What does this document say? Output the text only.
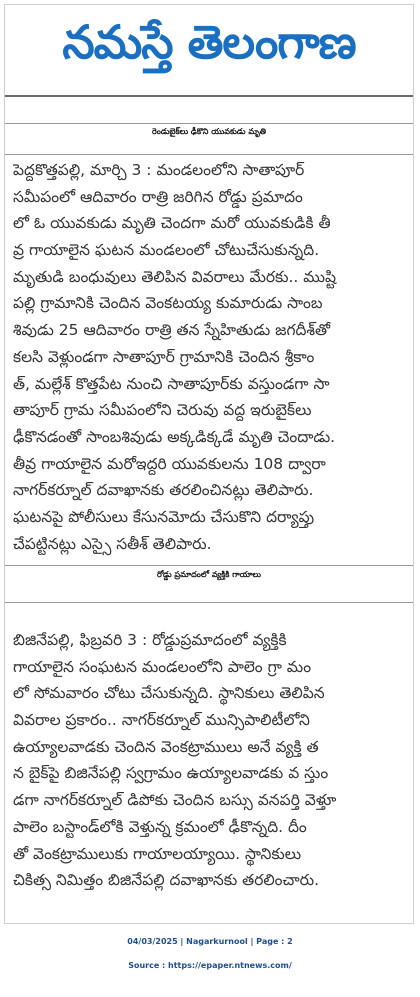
నమస్తే తెలంగాణ
రెండుబైక్‌లు ఢీకొని యువకుడు మృతి
పెద్దకొత్తపల్లి, మార్చి 3 : మండలంలోని సాతాపూర్
సమీపంలో ఆదివారం రాత్రి జరిగిన రోడ్డు ప్రమాదం
లో ఓ యువకుడు మృతి చెందగా మరో యువకుడికి తీ
వ్ర గాయాలైన ఘటన మండలంలో చోటుచేసుకున్నది.
మృతుడి బంధువులు తెలిపిన వివరాలు మేరకు.. ముష్టి
పల్లి గ్రామానికి చెందిన వెంకటయ్య కుమారుడు సాంబ
శివుడు 25 ఆదివారం రాత్రి తన స్నేహితుడు జగదీశ్‌తో
కలసి వెళ్లుండగా సాతాపూర్ గ్రామానికి చెందిన శ్రీకాం
త్, మల్లేశ్ కొత్తపేట నుంచి సాతాపూర్‌కు వస్తుండగా సా
తాపూర్ గ్రామ సమీపంలోని చెరువు వద్ద ఇరుబైక్‌లు
ఢీకొనడంతో సాంబశివుడు అక్కడిక్కడే మృతి చెందాడు.
తీవ్ర గాయాలైన మరోఇద్దరి యువకులను 108 ద్వారా
నాగర్‌కర్నూల్ దవాఖానకు తరలించినట్లు తెలిపారు.
ఘటనపై పోలీసులు కేసునమోదు చేసుకొని దర్యాప్తు
చేపట్టినట్లు ఎస్సై సతీశ్ తెలిపారు.
రోడ్డు ప్రమాదంలో వ్యక్తికి గాయాలు
బిజినేపల్లి, ఫిబ్రవరి 3 : రోడ్డుప్రమాదంలో వ్యక్తికి
గాయాలైన సంఘటన మండలంలోని పాలెం గ్రా మం
లో సోమవారం చోటు చేసుకున్నది. స్థానికులు తెలిపిన
వివరాల ప్రకారం.. నాగర్‌కర్నూల్ మున్సిపాలిటీలోని
ఉయ్యాలవాడకు చెందిన వెంకట్రాములు అనే వ్యక్తి త
న బైక్‌పై బిజినేపల్లి స్వగ్రామం ఉయ్యాలవాడకు వ స్తుం
డగా నాగర్‌కర్నూల్ డిపోకు చెందిన బస్సు వనపర్తి వెళ్తూ
పాలెం బస్టాండ్‌లోకి వెళ్తున్న క్రమంలో ఢీకొన్నది. దీం
తో వెంకట్రాములుకు గాయాలయ్యాయి. స్థానికులు
చికిత్స నిమిత్తం బిజినేపల్లి దవాఖానకు తరలించారు.
04/03/2025 | Nagarkurnool | Page : 2
Source : https://epaper.ntnews.com/
